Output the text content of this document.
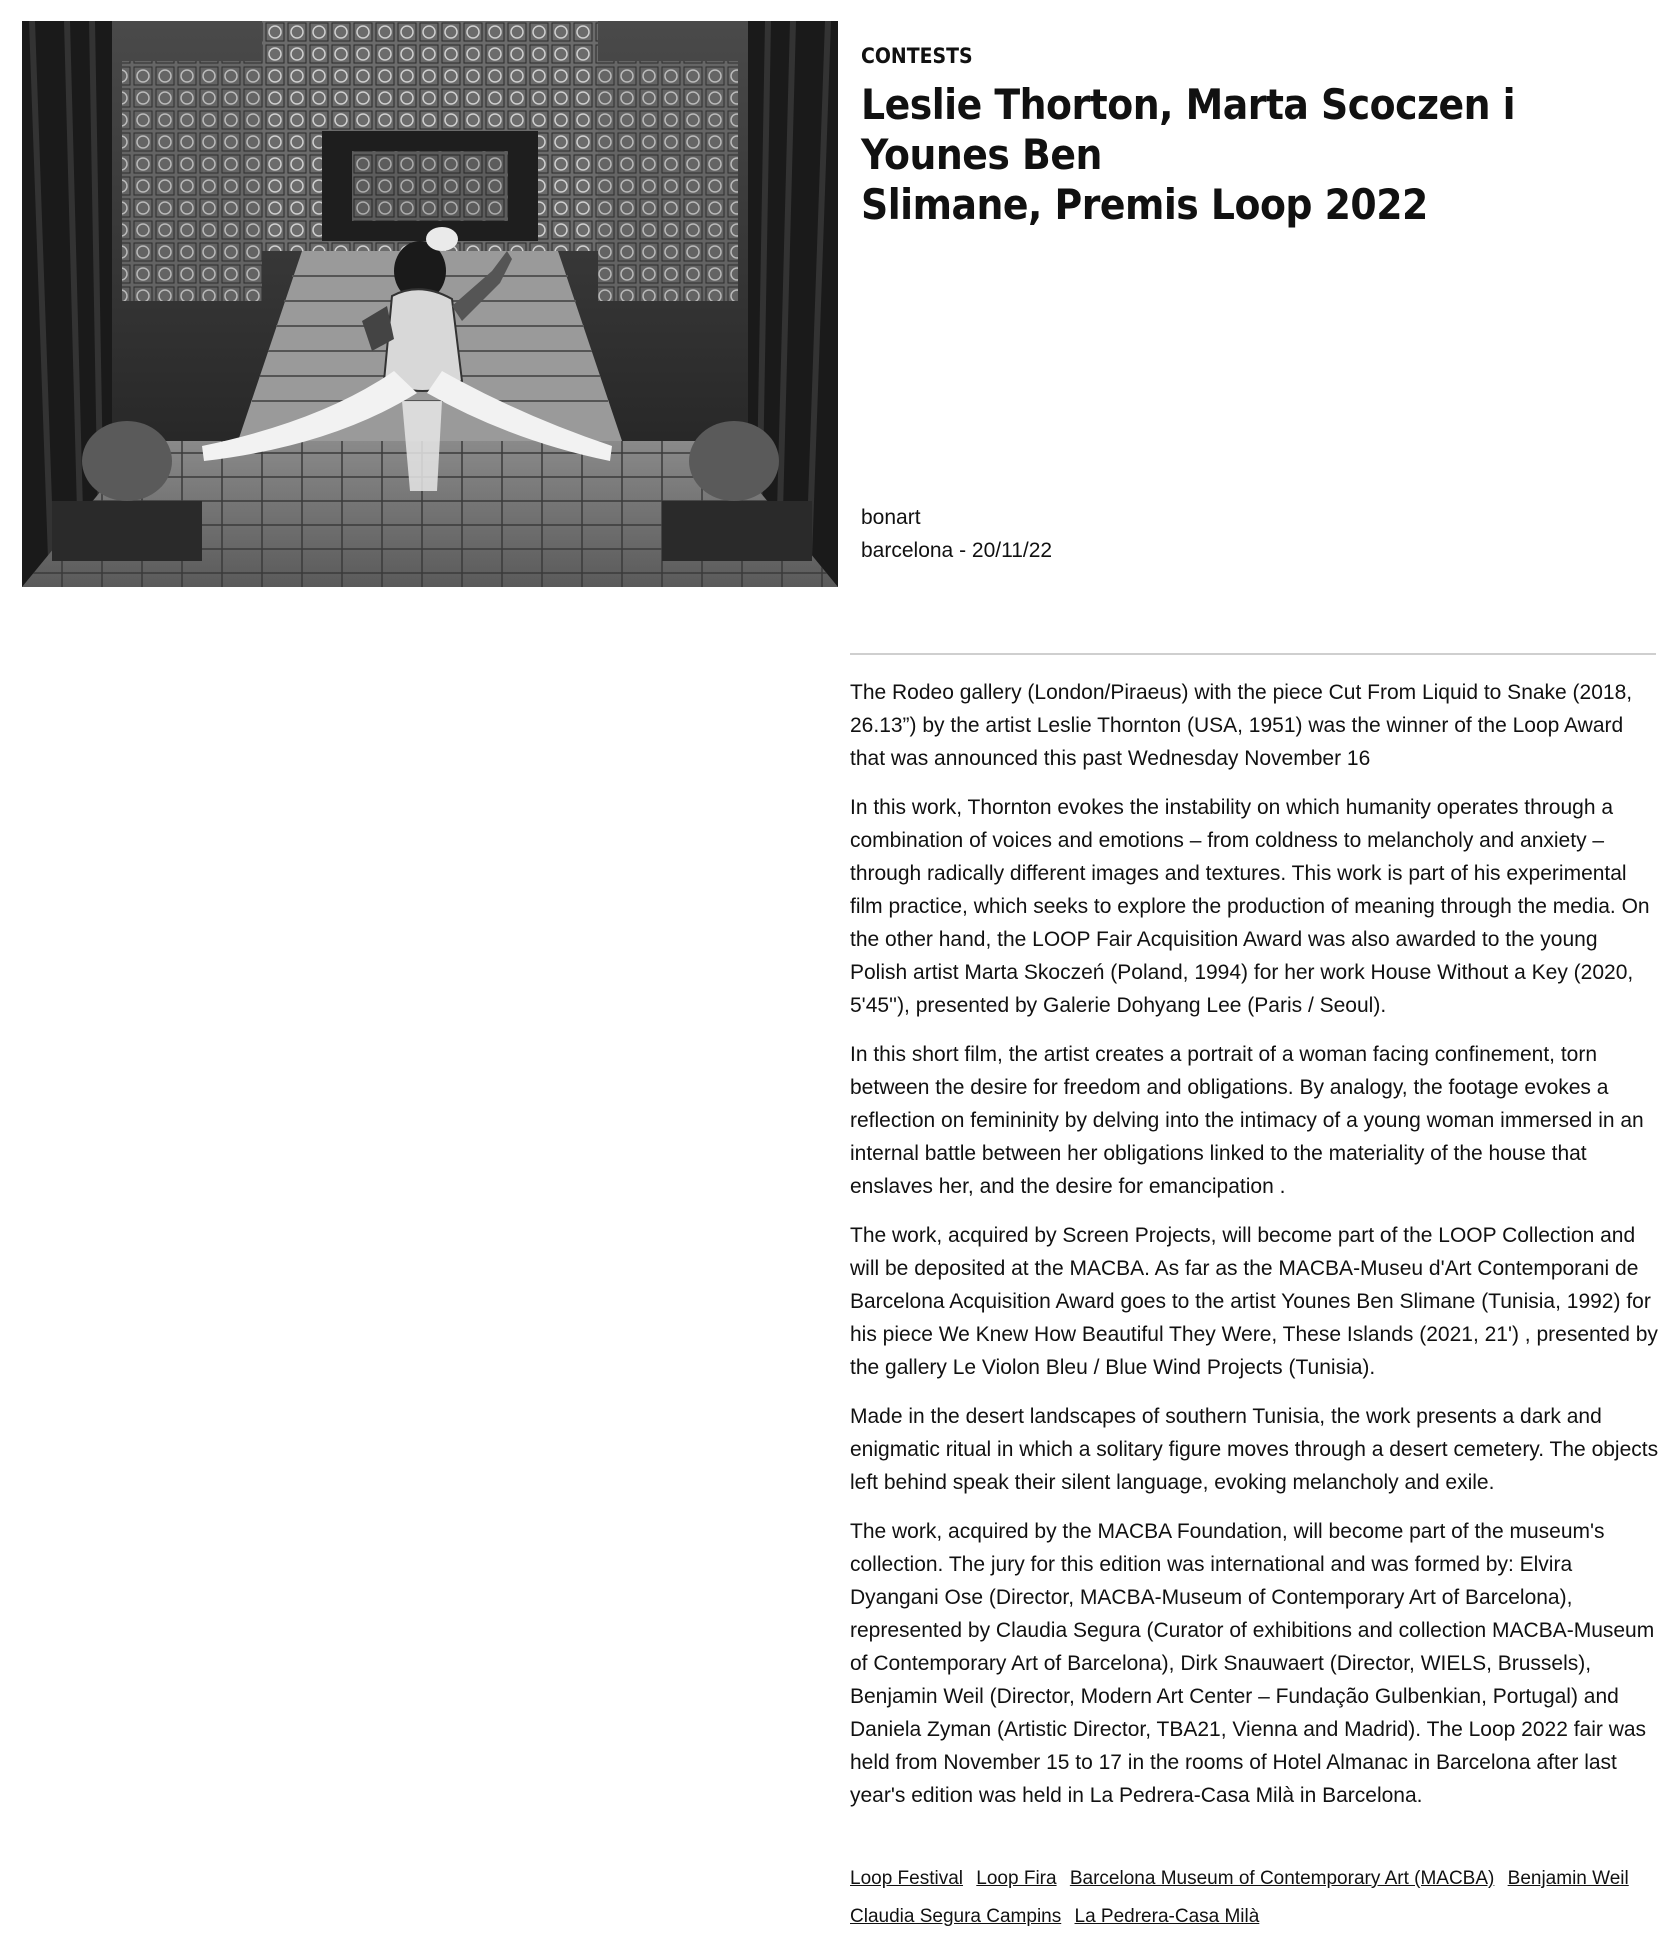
CONTESTS
Leslie Thorton, Marta Scoczen i Younes Ben
Slimane, Premis Loop 2022
bonart
barcelona - 20/11/22

The Rodeo gallery (London/Piraeus) with the piece Cut From Liquid to Snake (2018, 26.13”) by the artist Leslie Thornton (USA, 1951) was the winner of the Loop Award that was announced this past Wednesday November 16

In this work, Thornton evokes the instability on which humanity operates through a combination of voices and emotions – from coldness to melancholy and anxiety – through radically different images and textures. This work is part of his experimental film practice, which seeks to explore the production of meaning through the media. On the other hand, the LOOP Fair Acquisition Award was also awarded to the young Polish artist Marta Skoczeń (Poland, 1994) for her work House Without a Key (2020, 5'45''), presented by Galerie Dohyang Lee (Paris / Seoul).

In this short film, the artist creates a portrait of a woman facing confinement, torn between the desire for freedom and obligations. By analogy, the footage evokes a reflection on femininity by delving into the intimacy of a young woman immersed in an internal battle between her obligations linked to the materiality of the house that enslaves her, and the desire for emancipation .

The work, acquired by Screen Projects, will become part of the LOOP Collection and will be deposited at the MACBA. As far as the MACBA-Museu d'Art Contemporani de Barcelona Acquisition Award goes to the artist Younes Ben Slimane (Tunisia, 1992) for his piece We Knew How Beautiful They Were, These Islands (2021, 21') , presented by the gallery Le Violon Bleu / Blue Wind Projects (Tunisia).

Made in the desert landscapes of southern Tunisia, the work presents a dark and enigmatic ritual in which a solitary figure moves through a desert cemetery. The objects left behind speak their silent language, evoking melancholy and exile.

The work, acquired by the MACBA Foundation, will become part of the museum's collection. The jury for this edition was international and was formed by: Elvira Dyangani Ose (Director, MACBA-Museum of Contemporary Art of Barcelona), represented by Claudia Segura (Curator of exhibitions and collection MACBA-Museum of Contemporary Art of Barcelona), Dirk Snauwaert (Director, WIELS, Brussels), Benjamin Weil (Director, Modern Art Center – Fundação Gulbenkian, Portugal) and Daniela Zyman (Artistic Director, TBA21, Vienna and Madrid). The Loop 2022 fair was held from November 15 to 17 in the rooms of Hotel Almanac in Barcelona after last year's edition was held in La Pedrera-Casa Milà in Barcelona.

Loop Festival Loop Fira Barcelona Museum of Contemporary Art (MACBA) Benjamin Weil
Claudia Segura Campins La Pedrera-Casa Milà
